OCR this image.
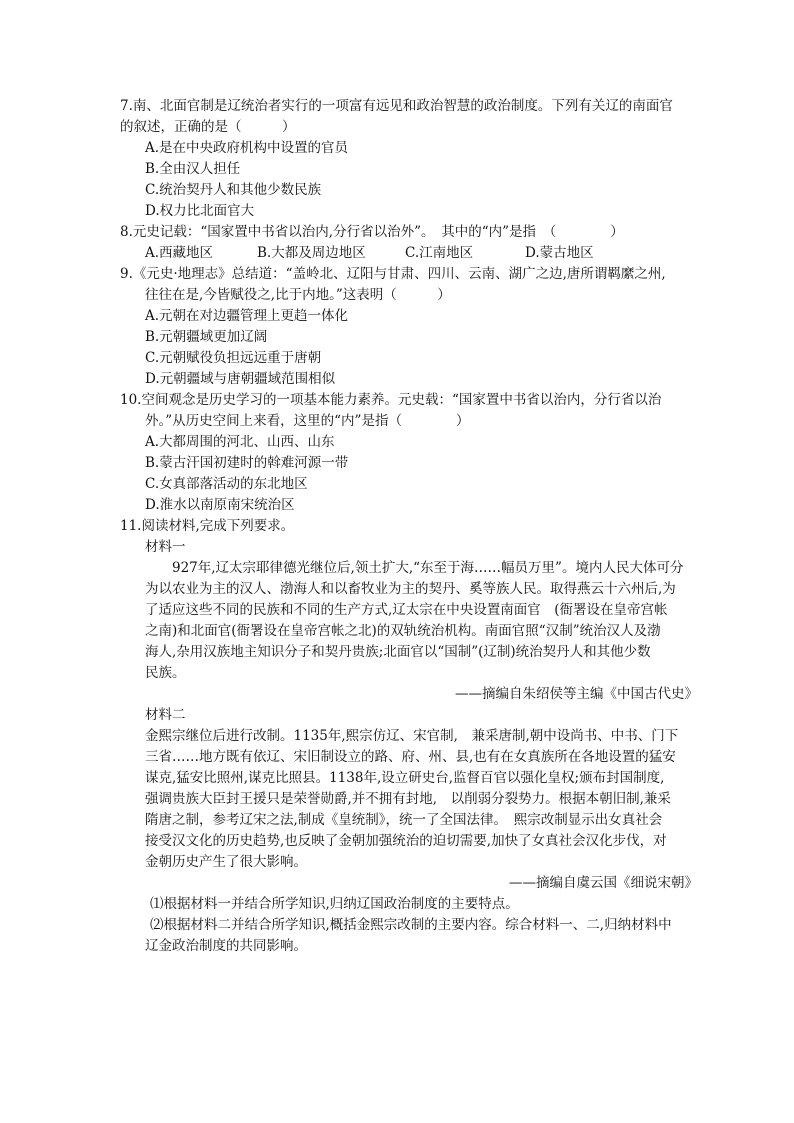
7.南、北面官制是辽统治者实行的一项富有远见和政治智慧的政治制度。下列有关辽的南面官
的叙述，正确的是（　　　）
A.是在中央政府机构中设置的官员
B.全由汉人担任
C.统治契丹人和其他少数民族
D.权力比北面官大
8.元史记载：“国家置中书省以治内,分行省以治外”。　其中的“内”是指　（　　　　）
A.西藏地区	B.大都及周边地区	C.江南地区	D.蒙古地区
9.《元史·地理志》总结道：“盖岭北、辽阳与甘肃、四川、云南、湖广之边,唐所谓羁縻之州,
往往在是,今皆赋役之,比于内地。”这表明（　　　）
A.元朝在对边疆管理上更趋一体化
B.元朝疆域更加辽阔
C.元朝赋役负担远远重于唐朝
D.元朝疆域与唐朝疆域范围相似
10.空间观念是历史学习的一项基本能力素养。元史载：“国家置中书省以治内，分行省以治
外。”从历史空间上来看，这里的“内”是指（　　　　）
A.大都周围的河北、山西、山东
B.蒙古汗国初建时的斡难河源一带
C.女真部落活动的东北地区
D.淮水以南原南宋统治区
11.阅读材料,完成下列要求。
材料一
　　927年,辽太宗耶律德光继位后,领土扩大,“东至于海……幅员万里”。境内人民大体可分
为以农业为主的汉人、渤海人和以畜牧业为主的契丹、奚等族人民。取得燕云十六州后,为
了适应这些不同的民族和不同的生产方式,辽太宗在中央设置南面官　(衙署设在皇帝宫帐
之南)和北面官(衙署设在皇帝宫帐之北)的双轨统治机构。南面官照“汉制”统治汉人及渤
海人,杂用汉族地主知识分子和契丹贵族;北面官以“国制”(辽制)统治契丹人和其他少数
民族。
——摘编自朱绍侯等主编《中国古代史》
材料二
金熙宗继位后进行改制。1135年,熙宗仿辽、宋官制,　兼采唐制,朝中设尚书、中书、门下
三省……地方既有依辽、宋旧制设立的路、府、州、县,也有在女真族所在各地设置的猛安
谋克,猛安比照州,谋克比照县。1138年,设立研史台,监督百官以强化皇权;颁布封国制度,
强调贵族大臣封王援只是荣誉勋爵,并不拥有封地,　以削弱分裂势力。根据本朝旧制,兼采
隋唐之制，参考辽宋之法,制成《皇统制》，统一了全国法律。　熙宗改制显示出女真社会
接受汉文化的历史趋势,也反映了金朝加强统治的迫切需要,加快了女真社会汉化步伐，对
金朝历史产生了很大影响。
——摘编自虞云国《细说宋朝》
⑴根据材料一并结合所学知识,归纳辽国政治制度的主要特点。
⑵根据材料二并结合所学知识,概括金熙宗改制的主要内容。综合材料一、二,归纳材料中
辽金政治制度的共同影响。
